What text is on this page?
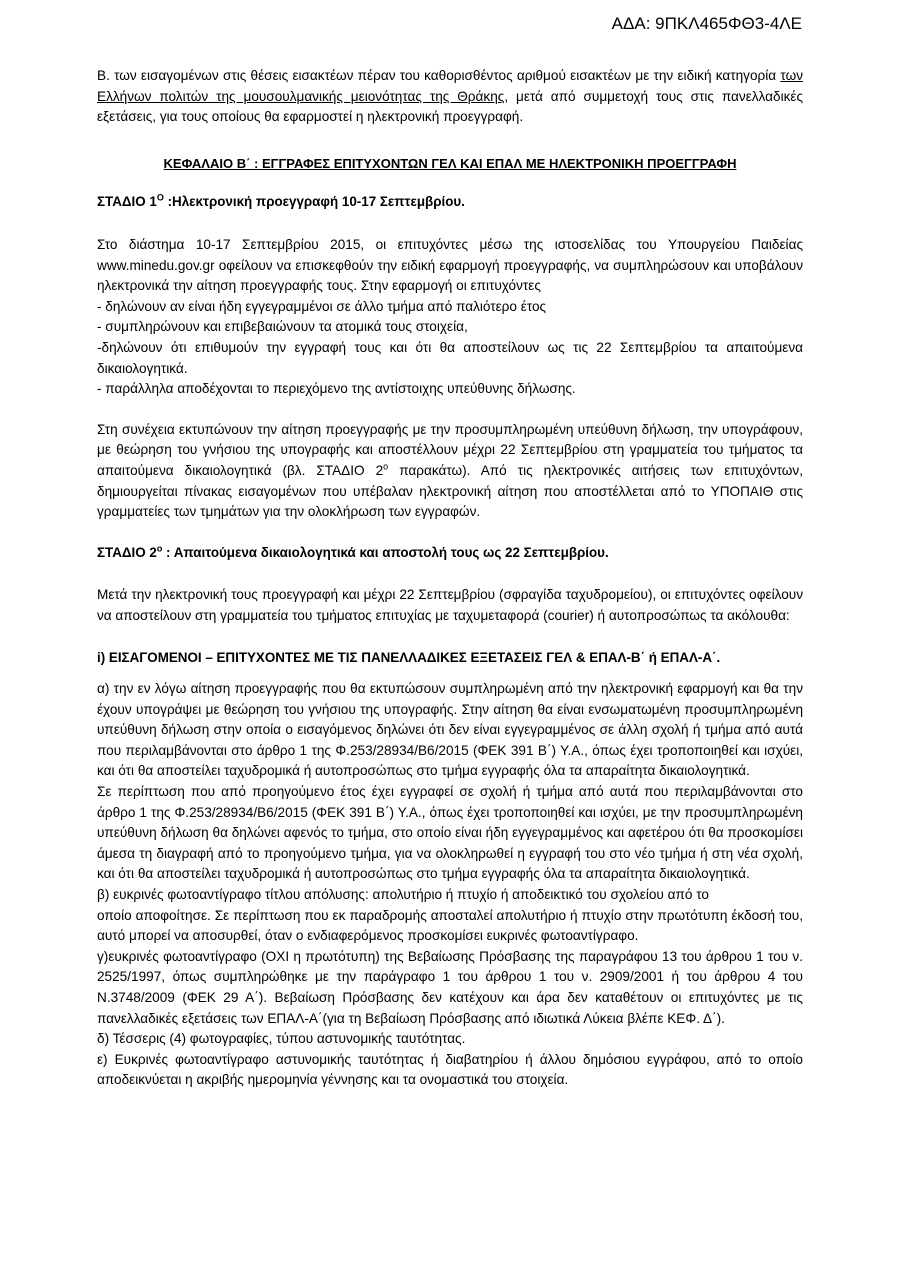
ΑΔΑ: 9ΠΚΛ465ΦΘ3-4ΛΕ

Β. των εισαγομένων στις θέσεις εισακτέων πέραν του καθορισθέντος αριθμού εισακτέων με την ειδική κατηγορία των Ελλήνων πολιτών της μουσουλμανικής μειονότητας της Θράκης, μετά από συμμετοχή τους στις πανελλαδικές εξετάσεις, για τους οποίους θα εφαρμοστεί η ηλεκτρονική προεγγραφή.

ΚΕΦΑΛΑΙΟ Β΄ : ΕΓΓΡΑΦΕΣ ΕΠΙΤΥΧΟΝΤΩΝ ΓΕΛ ΚΑΙ ΕΠΑΛ ΜΕ ΗΛΕΚΤΡΟΝΙΚΗ ΠΡΟΕΓΓΡΑΦΗ

ΣΤΑΔΙΟ $1^O$ :Ηλεκτρονική προεγγραφή 10-17 Σεπτεμβρίου.

Στο διάστημα 10-17 Σεπτεμβρίου 2015, οι επιτυχόντες μέσω της ιστοσελίδας του Υπουργείου Παιδείας www.minedu.gov.gr οφείλουν να επισκεφθούν την ειδική εφαρμογή προεγγραφής, να συμπληρώσουν και υποβάλουν ηλεκτρονικά την αίτηση προεγγραφής τους. Στην εφαρμογή οι επιτυχόντες

- δηλώνουν αν είναι ήδη εγγεγραμμένοι σε άλλο τμήμα από παλιότερο έτος

- συμπληρώνουν και επιβεβαιώνουν τα ατομικά τους στοιχεία,

-δηλώνουν ότι επιθυμούν την εγγραφή τους και ότι θα αποστείλουν ως τις 22 Σεπτεμβρίου τα απαιτούμενα δικαιολογητικά.

- παράλληλα αποδέχονται το περιεχόμενο της αντίστοιχης υπεύθυνης δήλωσης.

Στη συνέχεια εκτυπώνουν την αίτηση προεγγραφής με την προσυμπληρωμένη υπεύθυνη δήλωση, την υπογράφουν, με θεώρηση του γνήσιου της υπογραφής και αποστέλλουν μέχρι 22 Σεπτεμβρίου στη γραμματεία του τμήματος τα απαιτούμενα δικαιολογητικά (βλ. ΣΤΑΔΙΟ $2^o$ παρακάτω). Από τις ηλεκτρονικές αιτήσεις των επιτυχόντων, δημιουργείται πίνακας εισαγομένων που υπέβαλαν ηλεκτρονική αίτηση που αποστέλλεται από το ΥΠΟΠΑΙΘ στις γραμματείες των τμημάτων για την ολοκλήρωση των εγγραφών.

ΣΤΑΔΙΟ $2^o$ : Απαιτούμενα δικαιολογητικά και αποστολή τους ως 22 Σεπτεμβρίου.

Μετά την ηλεκτρονική τους προεγγραφή και μέχρι 22 Σεπτεμβρίου (σφραγίδα ταχυδρομείου), οι επιτυχόντες οφείλουν να αποστείλουν στη γραμματεία του τμήματος επιτυχίας με ταχυμεταφορά (courier) ή αυτοπροσώπως τα ακόλουθα:

i) ΕΙΣΑΓΟΜΕΝΟΙ – ΕΠΙΤΥΧΟΝΤΕΣ ΜΕ ΤΙΣ ΠΑΝΕΛΛΑΔΙΚΕΣ ΕΞΕΤΑΣΕΙΣ ΓΕΛ & ΕΠΑΛ-Β΄ ή ΕΠΑΛ-Α΄.

α) την εν λόγω αίτηση προεγγραφής που θα εκτυπώσουν συμπληρωμένη από την ηλεκτρονική εφαρμογή και θα την έχουν υπογράψει με θεώρηση του γνήσιου της υπογραφής. Στην αίτηση θα είναι ενσωματωμένη προσυμπληρωμένη υπεύθυνη δήλωση στην οποία ο εισαγόμενος δηλώνει ότι δεν είναι εγγεγραμμένος σε άλλη σχολή ή τμήμα από αυτά που περιλαμβάνονται στο άρθρο 1 της Φ.253/28934/Β6/2015 (ΦΕΚ 391 Β΄) Υ.Α., όπως έχει τροποποιηθεί και ισχύει, και ότι θα αποστείλει ταχυδρομικά ή αυτοπροσώπως στο τμήμα εγγραφής όλα τα απαραίτητα δικαιολογητικά.

Σε περίπτωση που από προηγούμενο έτος έχει εγγραφεί σε σχολή ή τμήμα από αυτά που περιλαμβάνονται στο άρθρο 1 της Φ.253/28934/Β6/2015 (ΦΕΚ 391 Β΄) Υ.Α., όπως έχει τροποποιηθεί και ισχύει, με την προσυμπληρωμένη υπεύθυνη δήλωση θα δηλώνει αφενός το τμήμα, στο οποίο είναι ήδη εγγεγραμμένος και αφετέρου ότι θα προσκομίσει άμεσα τη διαγραφή από το προηγούμενο τμήμα, για να ολοκληρωθεί η εγγραφή του στο νέο τμήμα ή στη νέα σχολή, και ότι θα αποστείλει ταχυδρομικά ή αυτοπροσώπως στο τμήμα εγγραφής όλα τα απαραίτητα δικαιολογητικά.

β) ευκρινές φωτοαντίγραφο τίτλου απόλυσης: απολυτήριο ή πτυχίο ή αποδεικτικό του σχολείου από το

οποίο αποφοίτησε. Σε περίπτωση που εκ παραδρομής αποσταλεί απολυτήριο ή πτυχίο στην πρωτότυπη έκδοσή του, αυτό μπορεί να αποσυρθεί, όταν ο ενδιαφερόμενος προσκομίσει ευκρινές φωτοαντίγραφο.

γ)ευκρινές φωτοαντίγραφο (ΟΧΙ η πρωτότυπη) της Βεβαίωσης Πρόσβασης της παραγράφου 13 του άρθρου 1 του ν. 2525/1997, όπως συμπληρώθηκε με την παράγραφο 1 του άρθρου 1 του ν. 2909/2001 ή του άρθρου 4 του Ν.3748/2009 (ΦΕΚ 29 Α΄). Βεβαίωση Πρόσβασης δεν κατέχουν και άρα δεν καταθέτουν οι επιτυχόντες με τις πανελλαδικές εξετάσεις των ΕΠΑΛ-Α΄(για τη Βεβαίωση Πρόσβασης από ιδιωτικά Λύκεια βλέπε ΚΕΦ. Δ΄).

δ) Τέσσερις (4) φωτογραφίες, τύπου αστυνομικής ταυτότητας.

ε) Ευκρινές φωτοαντίγραφο αστυνομικής ταυτότητας ή διαβατηρίου ή άλλου δημόσιου εγγράφου, από το οποίο αποδεικνύεται η ακριβής ημερομηνία γέννησης και τα ονομαστικά του στοιχεία.
